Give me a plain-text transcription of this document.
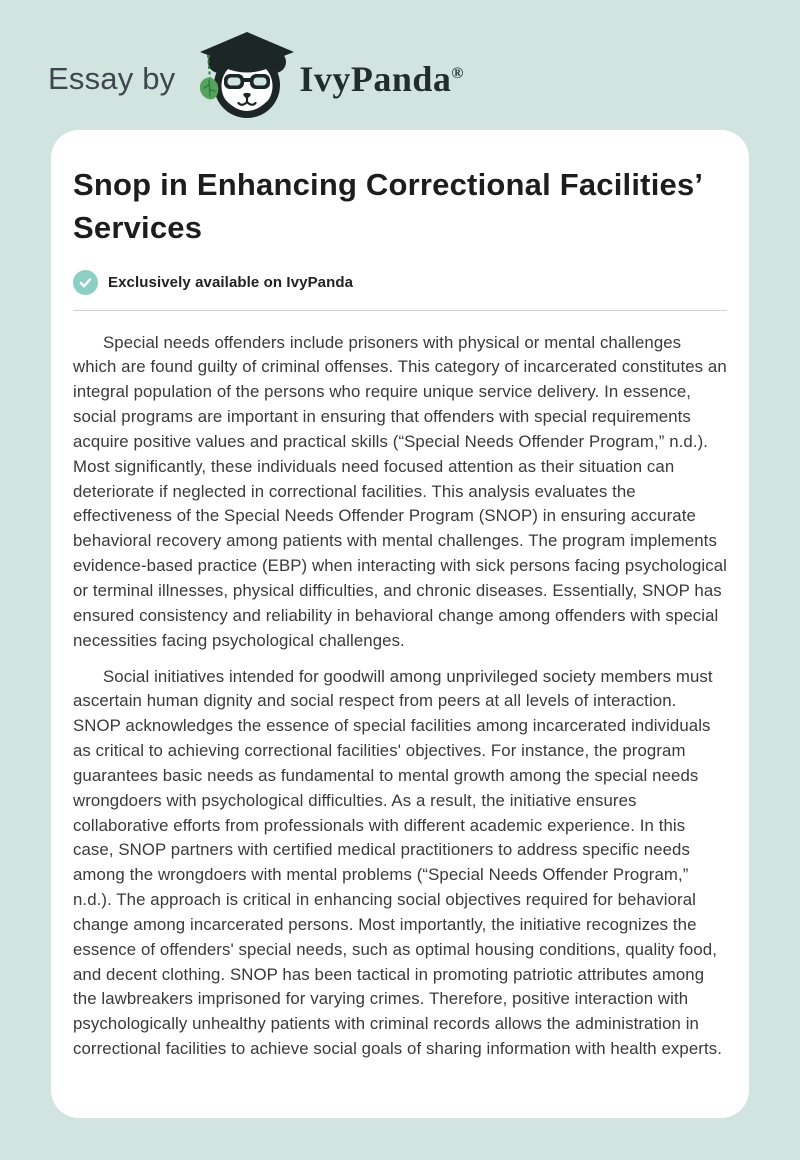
Essay by	IvyPanda®
Snop in Enhancing Correctional Facilities’ Services
Exclusively available on IvyPanda

Special needs offenders include prisoners with physical or mental challenges which are found guilty of criminal offenses. This category of incarcerated constitutes an integral population of the persons who require unique service delivery. In essence, social programs are important in ensuring that offenders with special requirements acquire positive values and practical skills (“Special Needs Offender Program,” n.d.). Most significantly, these individuals need focused attention as their situation can deteriorate if neglected in correctional facilities. This analysis evaluates the effectiveness of the Special Needs Offender Program (SNOP) in ensuring accurate behavioral recovery among patients with mental challenges. The program implements evidence-based practice (EBP) when interacting with sick persons facing psychological or terminal illnesses, physical difficulties, and chronic diseases. Essentially, SNOP has ensured consistency and reliability in behavioral change among offenders with special necessities facing psychological challenges.

Social initiatives intended for goodwill among unprivileged society members must ascertain human dignity and social respect from peers at all levels of interaction. SNOP acknowledges the essence of special facilities among incarcerated individuals as critical to achieving correctional facilities' objectives. For instance, the program guarantees basic needs as fundamental to mental growth among the special needs wrongdoers with psychological difficulties. As a result, the initiative ensures collaborative efforts from professionals with different academic experience. In this case, SNOP partners with certified medical practitioners to address specific needs among the wrongdoers with mental problems (“Special Needs Offender Program,” n.d.). The approach is critical in enhancing social objectives required for behavioral change among incarcerated persons. Most importantly, the initiative recognizes the essence of offenders' special needs, such as optimal housing conditions, quality food, and decent clothing. SNOP has been tactical in promoting patriotic attributes among the lawbreakers imprisoned for varying crimes. Therefore, positive interaction with psychologically unhealthy patients with criminal records allows the administration in correctional facilities to achieve social goals of sharing information with health experts.
